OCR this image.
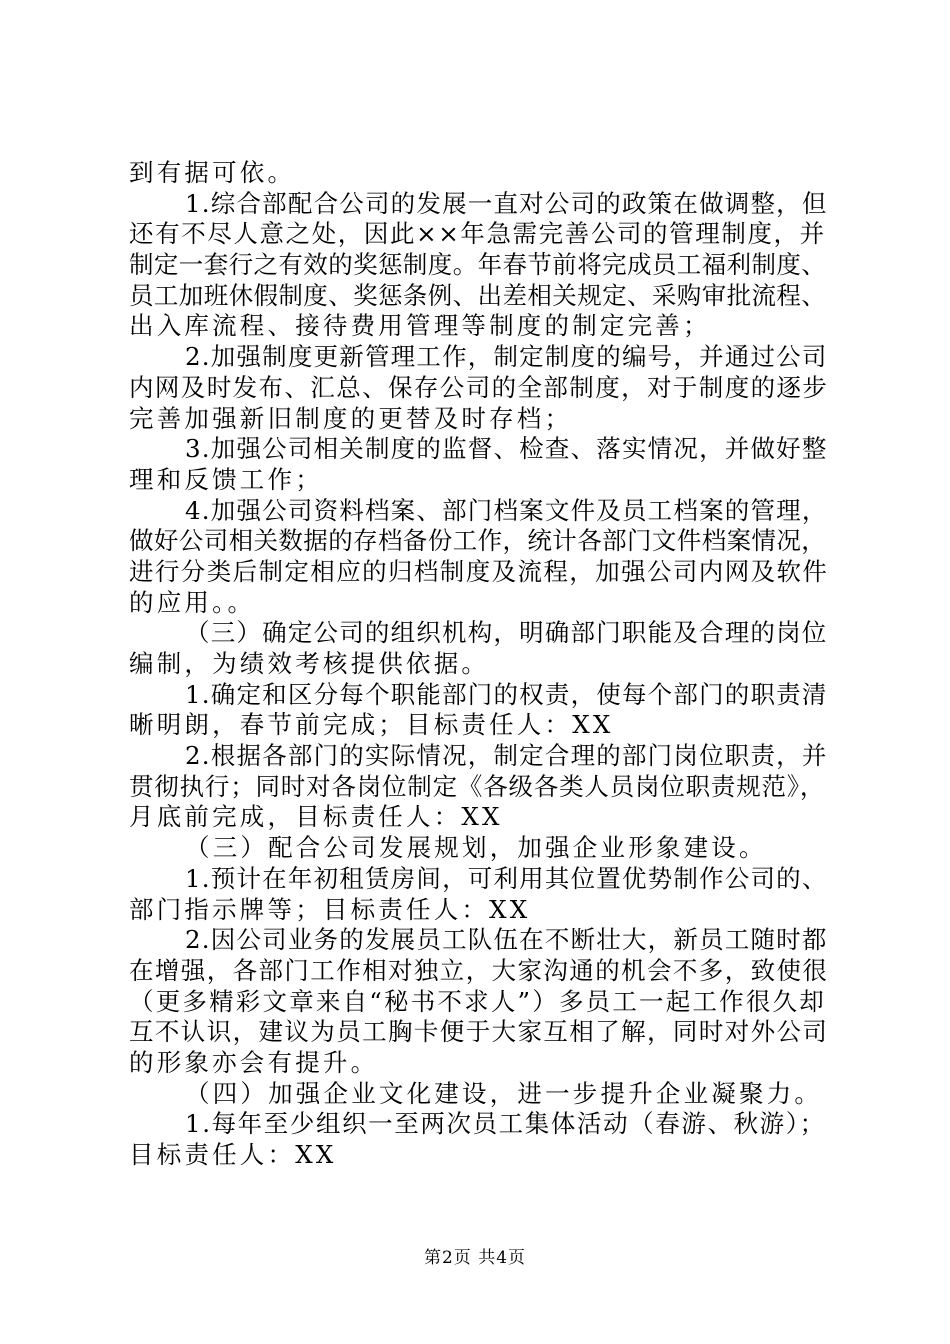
到有据可依。
1.综合部配合公司的发展一直对公司的政策在做调整，但
还有不尽人意之处，因此××年急需完善公司的管理制度，并
制定一套行之有效的奖惩制度。年春节前将完成员工福利制度、
员工加班休假制度、奖惩条例、出差相关规定、采购审批流程、
出入库流程、接待费用管理等制度的制定完善；
2.加强制度更新管理工作，制定制度的编号，并通过公司
内网及时发布、汇总、保存公司的全部制度，对于制度的逐步
完善加强新旧制度的更替及时存档；
3.加强公司相关制度的监督、检查、落实情况，并做好整
理和反馈工作；
4.加强公司资料档案、部门档案文件及员工档案的管理，
做好公司相关数据的存档备份工作，统计各部门文件档案情况，
进行分类后制定相应的归档制度及流程，加强公司内网及软件
的应用。。
（三）确定公司的组织机构，明确部门职能及合理的岗位
编制，为绩效考核提供依据。
1.确定和区分每个职能部门的权责，使每个部门的职责清
晰明朗，春节前完成；目标责任人：XX
2.根据各部门的实际情况，制定合理的部门岗位职责，并
贯彻执行；同时对各岗位制定《各级各类人员岗位职责规范》，
月底前完成，目标责任人：XX
（三）配合公司发展规划，加强企业形象建设。
1.预计在年初租赁房间，可利用其位置优势制作公司的、
部门指示牌等；目标责任人：XX
2.因公司业务的发展员工队伍在不断壮大，新员工随时都
在增强，各部门工作相对独立，大家沟通的机会不多，致使很
（更多精彩文章来自“秘书不求人”）多员工一起工作很久却
互不认识，建议为员工胸卡便于大家互相了解，同时对外公司
的形象亦会有提升。
（四）加强企业文化建设，进一步提升企业凝聚力。
1.每年至少组织一至两次员工集体活动（春游、秋游）；
目标责任人：XX
第2页 共4页
